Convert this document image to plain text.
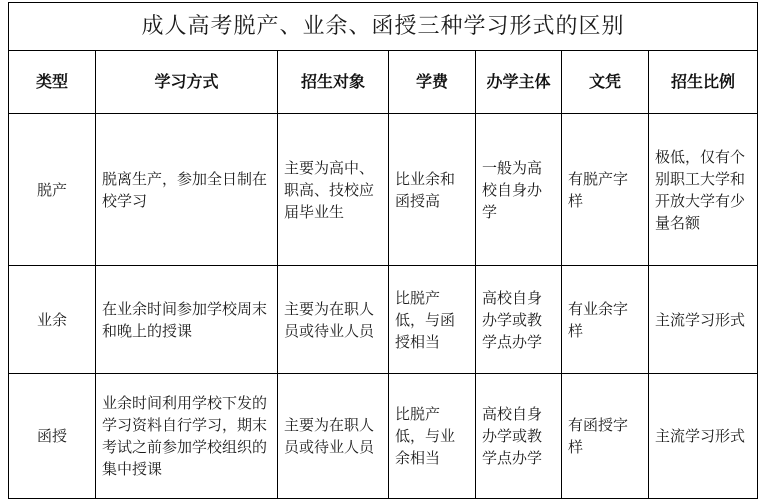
成人高考脱产、业余、函授三种学习形式的区别						
类型	学习方式	招生对象	学费	办学主体	文凭	招生比例
脱产	脱离生产，参加全日制在校学习	主要为高中、职高、技校应届毕业生	比业余和函授高	一般为高校自身办学	有脱产字样	极低，仅有个别职工大学和开放大学有少量名额
业余	在业余时间参加学校周末和晚上的授课	主要为在职人员或待业人员	比脱产低，与函授相当	高校自身办学或教学点办学	有业余字样	主流学习形式
函授	业余时间利用学校下发的学习资料自行学习，期末考试之前参加学校组织的集中授课	主要为在职人员或待业人员	比脱产低，与业余相当	高校自身办学或教学点办学	有函授字样	主流学习形式
